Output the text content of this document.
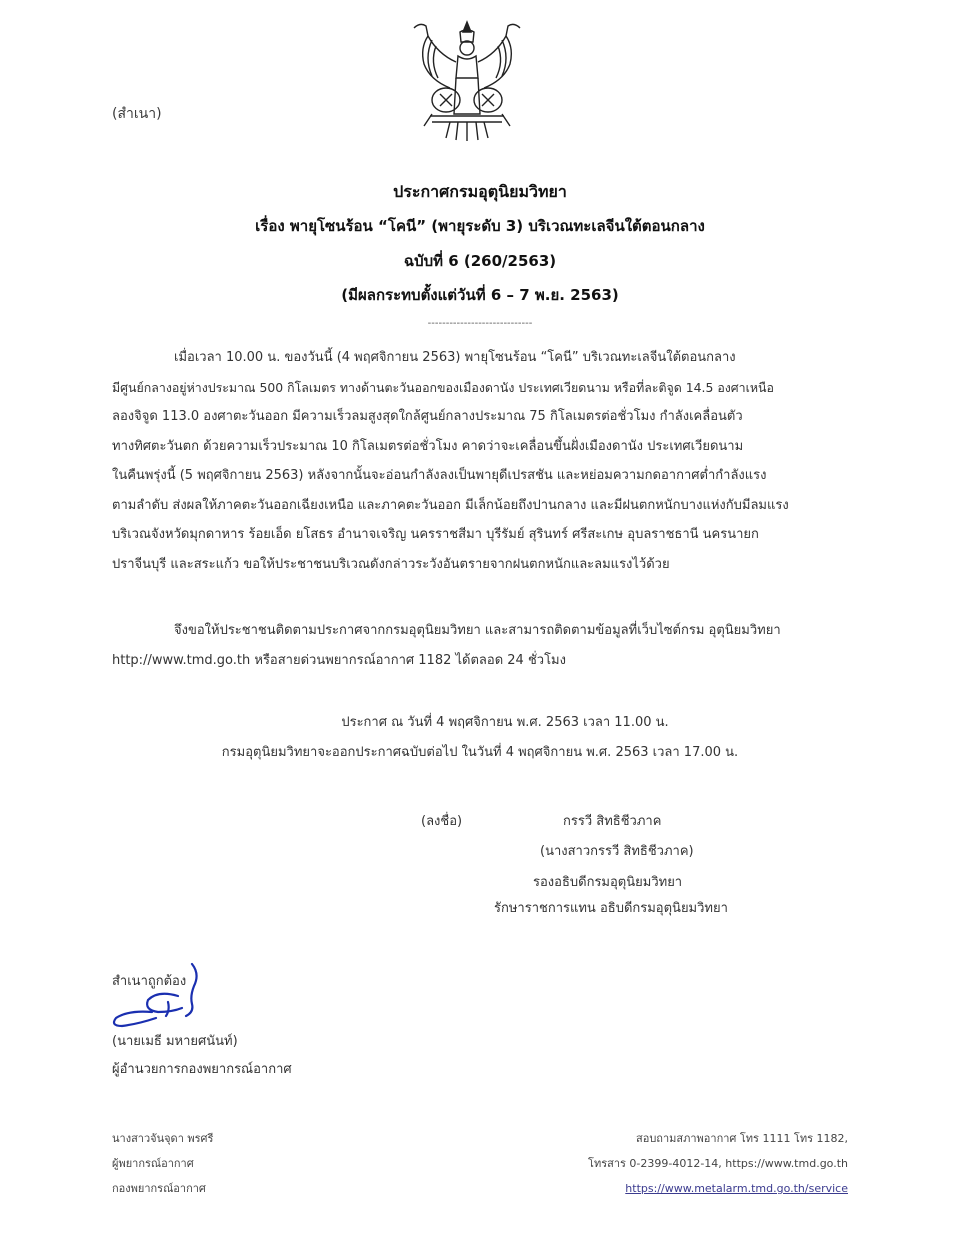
(สำเนา)
ประกาศกรมอุตุนิยมวิทยา
เรื่อง พายุโซนร้อน “โคนี” (พายุระดับ 3) บริเวณทะเลจีนใต้ตอนกลาง
ฉบับที่ 6 (260/2563)
(มีผลกระทบตั้งแต่วันที่ 6 – 7 พ.ย. 2563)
-----------------------------
เมื่อเวลา 10.00 น. ของวันนี้ (4 พฤศจิกายน 2563) พายุโซนร้อน “โคนี” บริเวณทะเลจีนใต้ตอนกลาง
มีศูนย์กลางอยู่ห่างประมาณ 500 กิโลเมตร ทางด้านตะวันออกของเมืองดานัง ประเทศเวียดนาม หรือที่ละติจูด 14.5 องศาเหนือ
ลองจิจูด 113.0 องศาตะวันออก มีความเร็วลมสูงสุดใกล้ศูนย์กลางประมาณ 75 กิโลเมตรต่อชั่วโมง กำลังเคลื่อนตัว
ทางทิศตะวันตก ด้วยความเร็วประมาณ 10 กิโลเมตรต่อชั่วโมง คาดว่าจะเคลื่อนขึ้นฝั่งเมืองดานัง ประเทศเวียดนาม
ในคืนพรุ่งนี้ (5 พฤศจิกายน 2563) หลังจากนั้นจะอ่อนกำลังลงเป็นพายุดีเปรสชัน และหย่อมความกดอากาศต่ำกำลังแรง
ตามลำดับ ส่งผลให้ภาคตะวันออกเฉียงเหนือ และภาคตะวันออก มีเล็กน้อยถึงปานกลาง และมีฝนตกหนักบางแห่งกับมีลมแรง
บริเวณจังหวัดมุกดาหาร ร้อยเอ็ด ยโสธร อำนาจเจริญ นครราชสีมา บุรีรัมย์ สุรินทร์ ศรีสะเกษ อุบลราชธานี นครนายก
ปราจีนบุรี และสระแก้ว ขอให้ประชาชนบริเวณดังกล่าวระวังอันตรายจากฝนตกหนักและลมแรงไว้ด้วย
จึงขอให้ประชาชนติดตามประกาศจากกรมอุตุนิยมวิทยา และสามารถติดตามข้อมูลที่เว็บไซต์กรม อุตุนิยมวิทยา
http://www.tmd.go.th หรือสายด่วนพยากรณ์อากาศ 1182 ได้ตลอด 24 ชั่วโมง
ประกาศ ณ วันที่ 4 พฤศจิกายน พ.ศ. 2563 เวลา 11.00 น.
กรมอุตุนิยมวิทยาจะออกประกาศฉบับต่อไป ในวันที่ 4 พฤศจิกายน พ.ศ. 2563 เวลา 17.00 น.
(ลงชื่อ)	กรรวี สิทธิชีวภาค
(นางสาวกรรวี สิทธิชีวภาค)
รองอธิบดีกรมอุตุนิยมวิทยา
รักษาราชการแทน อธิบดีกรมอุตุนิยมวิทยา
สำเนาถูกต้อง
(นายเมธี มหายศนันท์)
ผู้อำนวยการกองพยากรณ์อากาศ
นางสาวจันจุดา พรศรี
ผู้พยากรณ์อากาศ
กองพยากรณ์อากาศ
สอบถามสภาพอากาศ โทร 1111 โทร 1182,
โทรสาร 0-2399-4012-14, https://www.tmd.go.th
https://www.metalarm.tmd.go.th/service
